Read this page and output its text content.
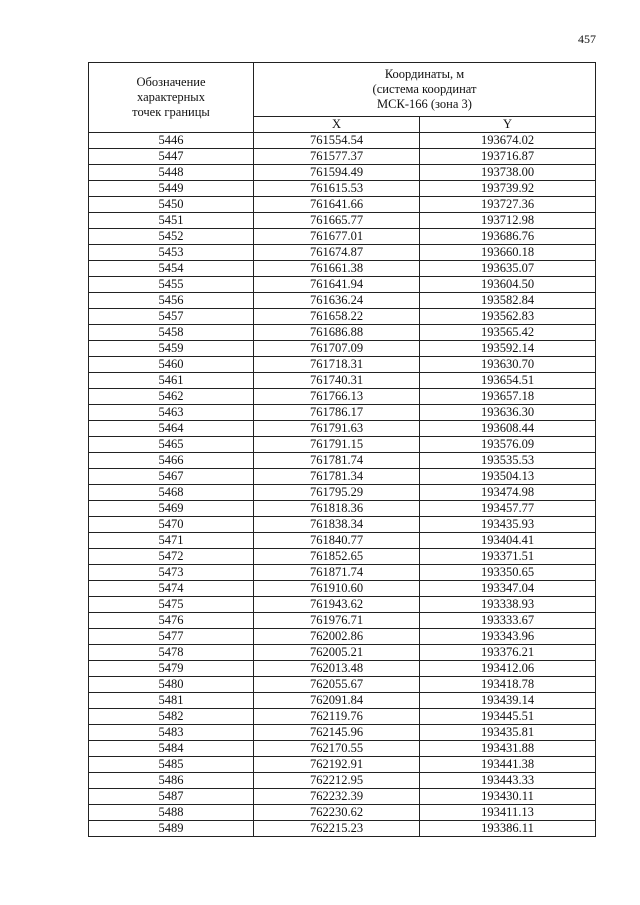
457
Обозначение
характерных
точек границы	Координаты, м
(система координат
МСК-166 (зона 3)	
	X	Y
5446	761554.54	193674.02
5447	761577.37	193716.87
5448	761594.49	193738.00
5449	761615.53	193739.92
5450	761641.66	193727.36
5451	761665.77	193712.98
5452	761677.01	193686.76
5453	761674.87	193660.18
5454	761661.38	193635.07
5455	761641.94	193604.50
5456	761636.24	193582.84
5457	761658.22	193562.83
5458	761686.88	193565.42
5459	761707.09	193592.14
5460	761718.31	193630.70
5461	761740.31	193654.51
5462	761766.13	193657.18
5463	761786.17	193636.30
5464	761791.63	193608.44
5465	761791.15	193576.09
5466	761781.74	193535.53
5467	761781.34	193504.13
5468	761795.29	193474.98
5469	761818.36	193457.77
5470	761838.34	193435.93
5471	761840.77	193404.41
5472	761852.65	193371.51
5473	761871.74	193350.65
5474	761910.60	193347.04
5475	761943.62	193338.93
5476	761976.71	193333.67
5477	762002.86	193343.96
5478	762005.21	193376.21
5479	762013.48	193412.06
5480	762055.67	193418.78
5481	762091.84	193439.14
5482	762119.76	193445.51
5483	762145.96	193435.81
5484	762170.55	193431.88
5485	762192.91	193441.38
5486	762212.95	193443.33
5487	762232.39	193430.11
5488	762230.62	193411.13
5489	762215.23	193386.11
